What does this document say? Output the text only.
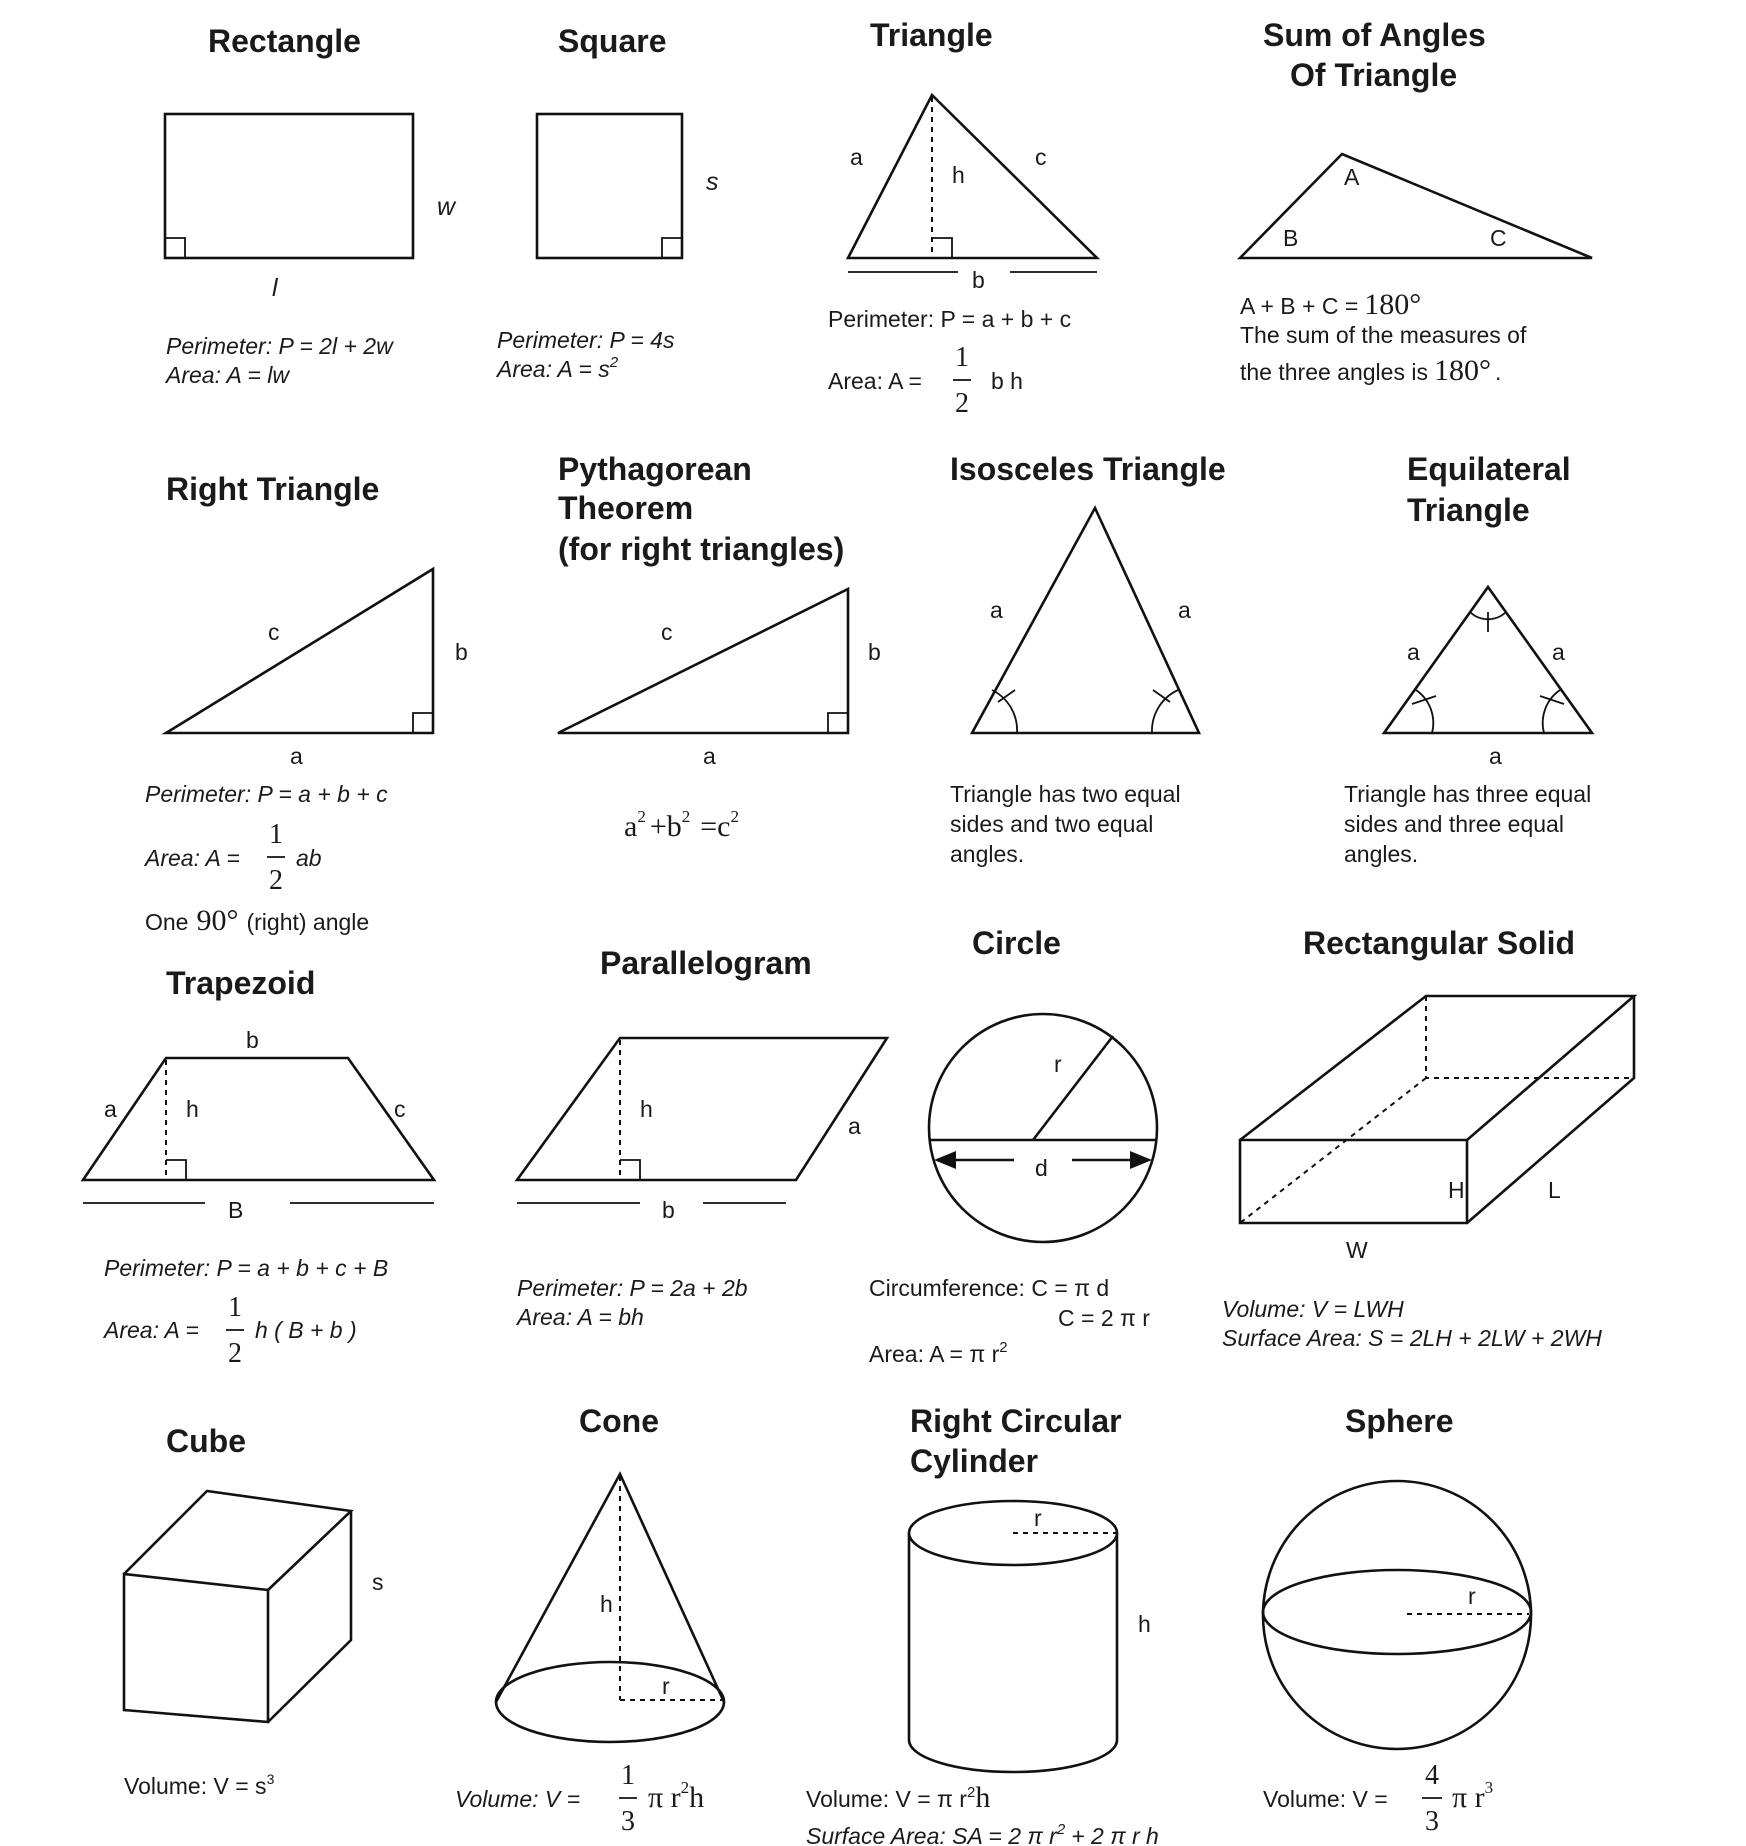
Rectangle
w
l
Perimeter: P = 2l + 2w
Area: A = lw
Square
s
Perimeter: P = 4s
Area: $A = s^2$
Triangle
a
h
c
b
Perimeter: P = a + b + c
Area: A =
1
2
b h
Sum of Angles
Of Triangle
A
B	C
A + B + C = 180°
The sum of the measures of
the three angles is 180° .
Right Triangle
c
b
a
Perimeter: P = a + b + c
Area: A =
1
2
ab
One 90° (right) angle
Pythagorean
Theorem
(for right triangles)
c
b
a
$a^2 +b^2 =c^2$
Isosceles Triangle
a	a
Triangle has two equal
sides and two equal
angles.
Equilateral
Triangle
a	a
a
Triangle has three equal
sides and three equal
angles.
Trapezoid
b
a	h	c
B
Perimeter: P = a + b + c + B
Area: A =
1
2
h ( B + b )
Parallelogram
h
a
b
Perimeter: P = 2a + 2b
Area: A = bh
Circle
r
d
Circumference: C = π d
C = 2 π r
Area: A = π $r^2$
Rectangular Solid
H	L
W
Volume: V = LWH
Surface Area: S = 2LH + 2LW + 2WH
Cube
s
Volume: $V = s^3$
Cone
h
r
Volume: V =
1
3
π $r^2h$
Right Circular
Cylinder
r
h
Volume: V = π $r^2h$
Surface Area: SA = 2 π $r^2 + 2$ π r h
Sphere
r
Volume: V =
4
3
π $r^3$
